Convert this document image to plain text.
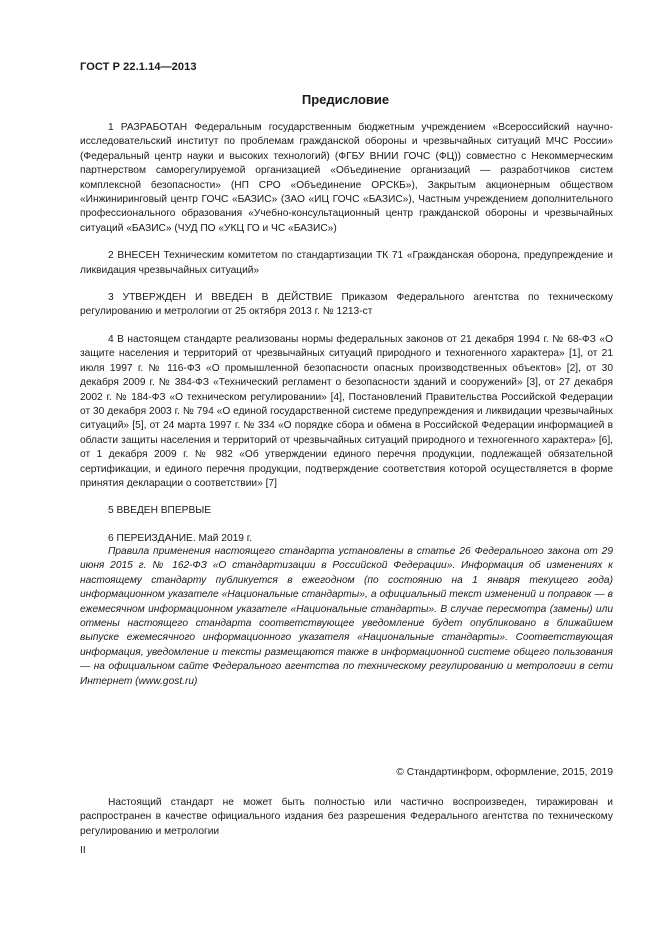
ГОСТ Р 22.1.14—2013
Предисловие

1 РАЗРАБОТАН Федеральным государственным бюджетным учреждением «Всероссийский научно-исследовательский институт по проблемам гражданской обороны и чрезвычайных ситуаций МЧС России» (Федеральный центр науки и высоких технологий) (ФГБУ ВНИИ ГОЧС (ФЦ)) совместно с Некоммерческим партнерством саморегулируемой организацией «Объединение организаций — разработчиков систем комплексной безопасности» (НП СРО «Объединение ОРСКБ»), Закрытым акционерным обществом «Инжиниринговый центр ГОЧС «БАЗИС» (ЗАО «ИЦ ГОЧС «БАЗИС»), Частным учреждением дополнительного профессионального образования «Учебно-консультационный центр гражданской обороны и чрезвычайных ситуаций «БАЗИС» (ЧУД ПО «УКЦ ГО и ЧС «БАЗИС»)

2 ВНЕСЕН Техническим комитетом по стандартизации ТК 71 «Гражданская оборона, предупреждение и ликвидация чрезвычайных ситуаций»

3 УТВЕРЖДЕН И ВВЕДЕН В ДЕЙСТВИЕ Приказом Федерального агентства по техническому регулированию и метрологии от 25 октября 2013 г. № 1213-ст

4 В настоящем стандарте реализованы нормы федеральных законов от 21 декабря 1994 г. № 68-ФЗ «О защите населения и территорий от чрезвычайных ситуаций природного и техногенного характера» [1], от 21 июля 1997 г. № 116-ФЗ «О промышленной безопасности опасных производственных объектов» [2], от 30 декабря 2009 г. № 384-ФЗ «Технический регламент о безопасности зданий и сооружений» [3], от 27 декабря 2002 г. № 184-ФЗ «О техническом регулировании» [4], Постановлений Правительства Российской Федерации от 30 декабря 2003 г. № 794 «О единой государственной системе предупреждения и ликвидации чрезвычайных ситуаций» [5], от 24 марта 1997 г. № 334 «О порядке сбора и обмена в Российской Федерации информацией в области защиты населения и территорий от чрезвычайных ситуаций природного и техногенного характера» [6], от 1 декабря 2009 г. № 982 «Об утверждении единого перечня продукции, подлежащей обязательной сертификации, и единого перечня продукции, подтверждение соответствия которой осуществляется в форме принятия декларации о соответствии» [7]

5 ВВЕДЕН ВПЕРВЫЕ

6 ПЕРЕИЗДАНИЕ. Май 2019 г.

Правила применения настоящего стандарта установлены в статье 26 Федерального закона от 29 июня 2015 г. № 162-ФЗ «О стандартизации в Российской Федерации». Информация об изменениях к настоящему стандарту публикуется в ежегодном (по состоянию на 1 января текущего года) информационном указателе «Национальные стандарты», а официальный текст изменений и поправок — в ежемесячном информационном указателе «Национальные стандарты». В случае пересмотра (замены) или отмены настоящего стандарта соответствующее уведомление будет опубликовано в ближайшем выпуске ежемесячного информационного указателя «Национальные стандарты». Соответствующая информация, уведомление и тексты размещаются также в информационной системе общего пользования — на официальном сайте Федерального агентства по техническому регулированию и метрологии в сети Интернет (www.gost.ru)

© Стандартинформ, оформление, 2015, 2019

Настоящий стандарт не может быть полностью или частично воспроизведен, тиражирован и распространен в качестве официального издания без разрешения Федерального агентства по техническому регулированию и метрологии

II
